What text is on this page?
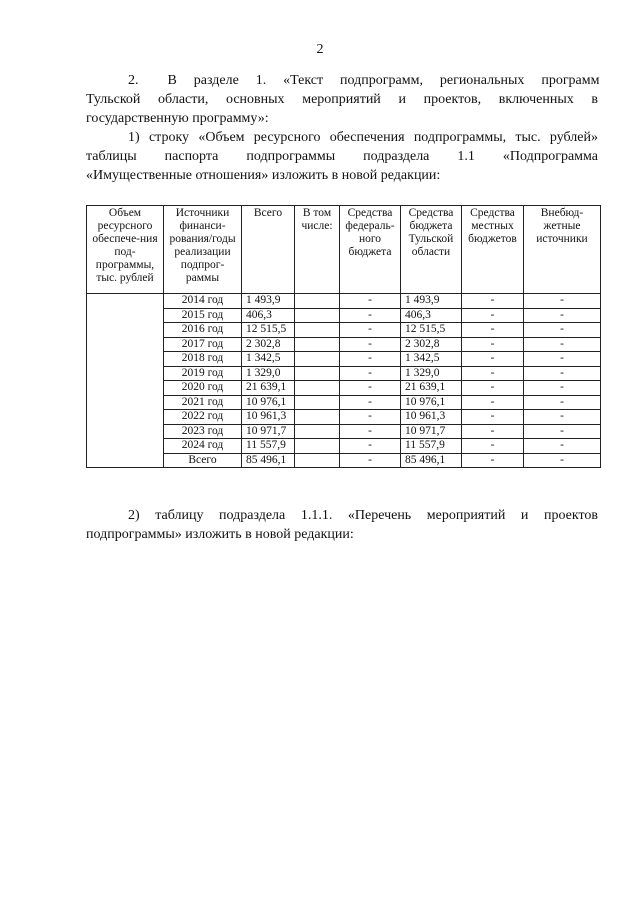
2
2. В разделе 1. «Текст подпрограмм, региональных программ
Тульской области, основных мероприятий и проектов, включенных в
государственную программу»:
1) строку «Объем ресурсного обеспечения подпрограммы, тыс. рублей»
таблицы паспорта подпрограммы подраздела 1.1 «Подпрограмма
«Имущественные отношения» изложить в новой редакции:
Объем ресурсного обеспече-ния под-программы, тыс. рублей	Источники финанси-рования/годы реализации подпрог-раммы	Всего	В том числе:	Средства федераль-ного бюджета	Средства бюджета Тульской области	Средства местных бюджетов	Внебюд-жетные источники
	2014 год	1 493,9		-	1 493,9	-	-
	2015 год	406,3		-	406,3	-	-
	2016 год	12 515,5		-	12 515,5	-	-
	2017 год	2 302,8		-	2 302,8	-	-
	2018 год	1 342,5		-	1 342,5	-	-
	2019 год	1 329,0		-	1 329,0	-	-
	2020 год	21 639,1		-	21 639,1	-	-
	2021 год	10 976,1		-	10 976,1	-	-
	2022 год	10 961,3		-	10 961,3	-	-
	2023 год	10 971,7		-	10 971,7	-	-
	2024 год	11 557,9		-	11 557,9	-	-
	Всего	85 496,1		-	85 496,1	-	-
2) таблицу подраздела 1.1.1. «Перечень мероприятий и проектов
подпрограммы» изложить в новой редакции:
